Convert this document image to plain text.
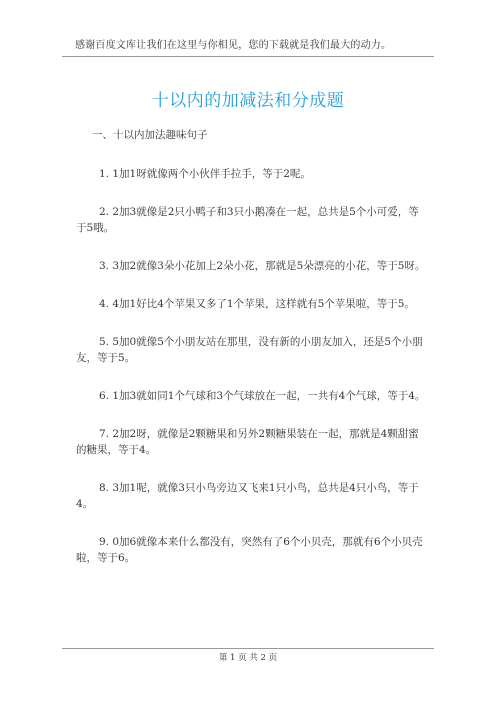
感谢百度文库让我们在这里与你相见，您的下载就是我们最大的动力。
十以内的加减法和分成题
一、十以内加法趣味句子

1. 1加1呀就像两个小伙伴手拉手，等于2呢。

2. 2加3就像是2只小鸭子和3只小鹅凑在一起，总共是5个小可爱，等于5哦。

3. 3加2就像3朵小花加上2朵小花，那就是5朵漂亮的小花，等于5呀。

4. 4加1好比4个苹果又多了1个苹果，这样就有5个苹果啦，等于5。

5. 5加0就像5个小朋友站在那里，没有新的小朋友加入，还是5个小朋友，等于5。

6. 1加3就如同1个气球和3个气球放在一起，一共有4个气球，等于4。

7. 2加2呀，就像是2颗糖果和另外2颗糖果装在一起，那就是4颗甜蜜的糖果，等于4。

8. 3加1呢，就像3只小鸟旁边又飞来1只小鸟，总共是4只小鸟，等于4。

9. 0加6就像本来什么都没有，突然有了6个小贝壳，那就有6个小贝壳啦，等于6。

第 1 页 共 2 页
